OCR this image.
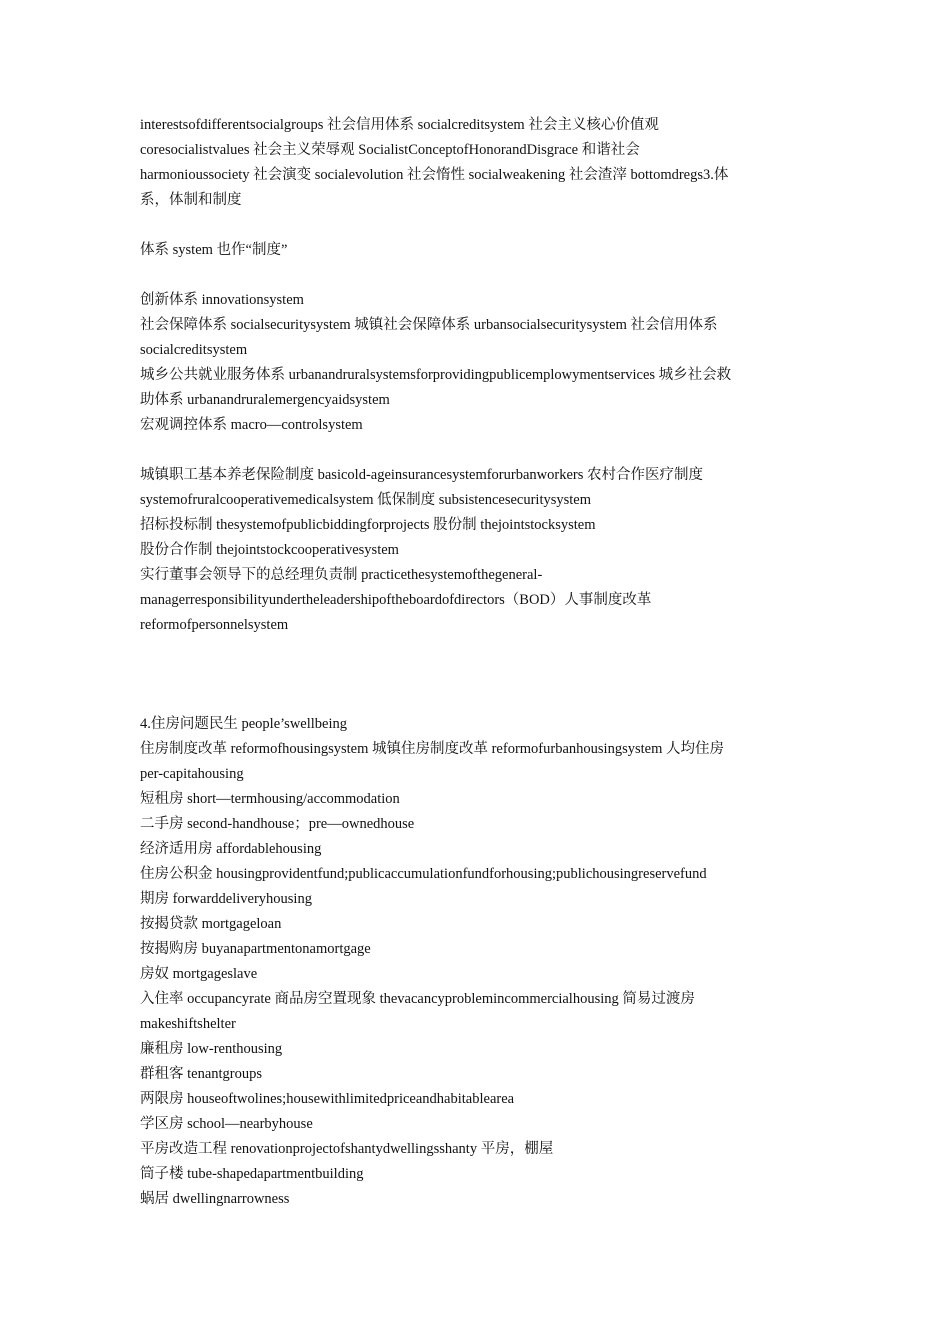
interestsofdifferentsocialgroups 社会信用体系 socialcreditsystem 社会主义核心价值观
coresocialistvalues 社会主义荣辱观 SocialistConceptofHonorandDisgrace 和谐社会
harmonioussociety 社会演变 socialevolution 社会惰性 socialweakening 社会渣滓 bottomdregs3.体
系，体制和制度
体系 system 也作“制度”
创新体系 innovationsystem
社会保障体系 socialsecuritysystem 城镇社会保障体系 urbansocialsecuritysystem 社会信用体系
socialcreditsystem
城乡公共就业服务体系 urbanandruralsystemsforprovidingpublicemplowymentservices 城乡社会救
助体系 urbanandruralemergencyaidsystem
宏观调控体系 macro—controlsystem
城镇职工基本养老保险制度 basicold-ageinsurancesystemforurbanworkers 农村合作医疗制度
systemofruralcooperativemedicalsystem 低保制度 subsistencesecuritysystem
招标投标制 thesystemofpublicbiddingforprojects 股份制 thejointstocksystem
股份合作制 thejointstockcooperativesystem
实行董事会领导下的总经理负责制 practicethesystemofthegeneral-
managerresponsibilityundertheleadershipoftheboardofdirectors（BOD）人事制度改革
reformofpersonnelsystem
4.住房问题民生 people’swellbeing
住房制度改革 reformofhousingsystem 城镇住房制度改革 reformofurbanhousingsystem 人均住房
per-capitahousing
短租房 short—termhousing/accommodation
二手房 second-handhouse；pre—ownedhouse
经济适用房 affordablehousing
住房公积金 housingprovidentfund;publicaccumulationfundforhousing;publichousingreservefund
期房 forwarddeliveryhousing
按揭贷款 mortgageloan
按揭购房 buyanapartmentonamortgage
房奴 mortgageslave
入住率 occupancyrate 商品房空置现象 thevacancyproblemincommercialhousing 简易过渡房
makeshiftshelter
廉租房 low-renthousing
群租客 tenantgroups
两限房 houseoftwolines;housewithlimitedpriceandhabitablearea
学区房 school—nearbyhouse
平房改造工程 renovationprojectofshantydwellingsshanty 平房，棚屋
筒子楼 tube-shapedapartmentbuilding
蜗居 dwellingnarrowness
